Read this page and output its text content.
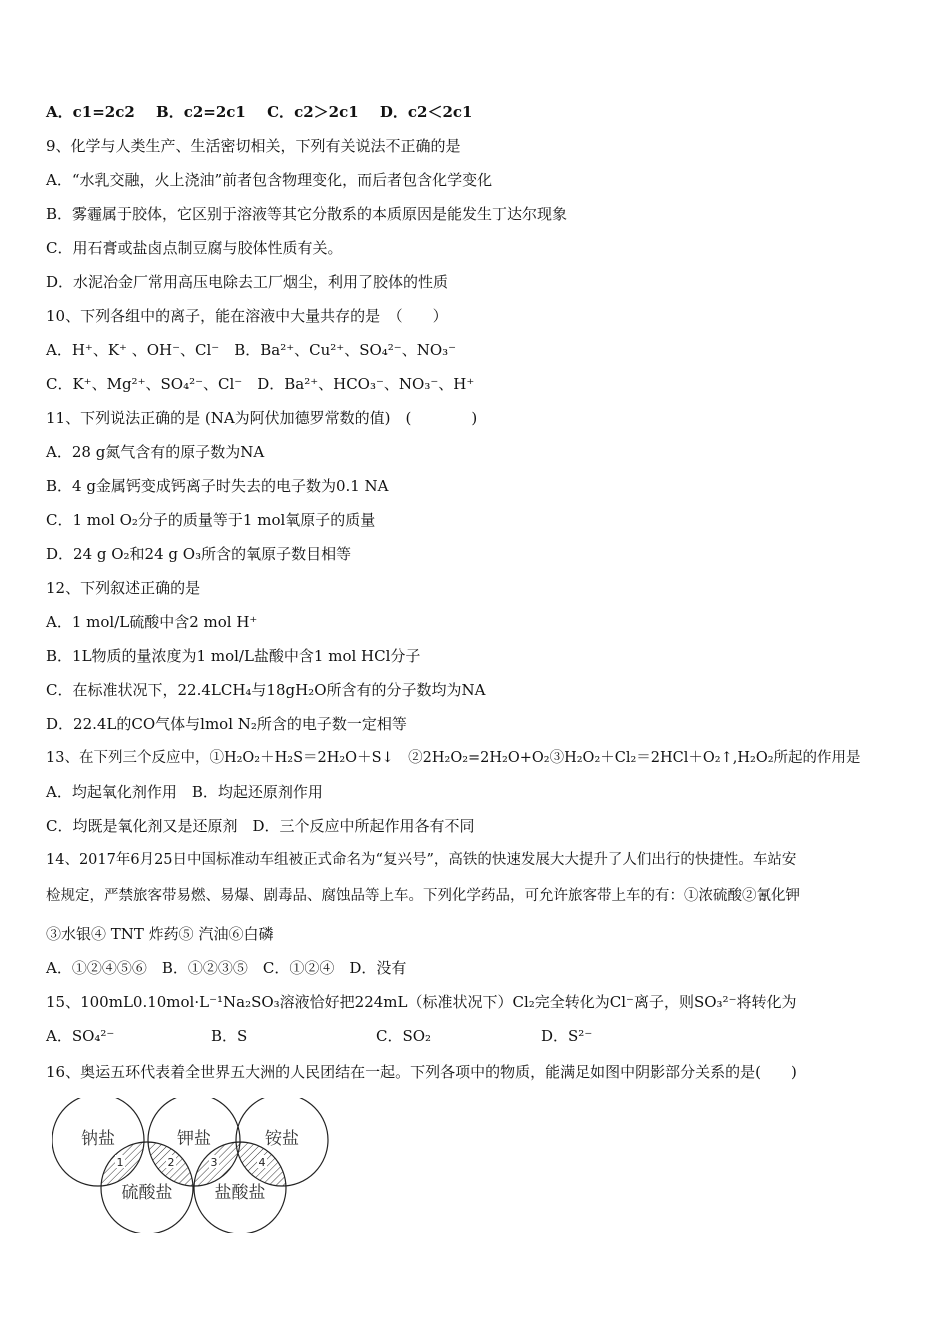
A．c1=2c2 B．c2=2c1 C．c2＞2c1 D．c2＜2c1
9、化学与人类生产、生活密切相关，下列有关说法不正确的是
A．“水乳交融，火上浇油”前者包含物理变化，而后者包含化学变化
B．雾霾属于胶体，它区别于溶液等其它分散系的本质原因是能发生丁达尔现象
C．用石膏或盐卤点制豆腐与胶体性质有关。
D．水泥冶金厂常用高压电除去工厂烟尘，利用了胶体的性质
10、下列各组中的离子，能在溶液中大量共存的是　（　　）
A．H⁺、K⁺ 、OH⁻、Cl⁻　B．Ba²⁺、Cu²⁺、SO₄²⁻、NO₃⁻
C．K⁺、Mg²⁺、SO₄²⁻、Cl⁻　D．Ba²⁺、HCO₃⁻、NO₃⁻、H⁺
11、下列说法正确的是 (NA为阿伏加德罗常数的值)　(　　　　)
A．28 g氮气含有的原子数为NA
B．4 g金属钙变成钙离子时失去的电子数为0.1 NA
C．1 mol O₂分子的质量等于1 mol氧原子的质量
D．24 g O₂和24 g O₃所含的氧原子数目相等
12、下列叙述正确的是
A．1 mol/L硫酸中含2 mol H⁺
B．1L物质的量浓度为1 mol/L盐酸中含1 mol HCl分子
C．在标准状况下，22.4LCH₄与18gH₂O所含有的分子数均为NA
D．22.4L的CO气体与lmol N₂所含的电子数一定相等
13、在下列三个反应中，①H₂O₂＋H₂S＝2H₂O＋S↓　②2H₂O₂=2H₂O+O₂③H₂O₂＋Cl₂＝2HCl＋O₂↑,H₂O₂所起的作用是
A．均起氧化剂作用　B．均起还原剂作用
C．均既是氧化剂又是还原剂　D．三个反应中所起作用各有不同
14、2017年6月25日中国标准动车组被正式命名为“复兴号”，高铁的快速发展大大提升了人们出行的快捷性。车站安
检规定，严禁旅客带易燃、易爆、剧毒品、腐蚀品等上车。下列化学药品，可允许旅客带上车的有：①浓硫酸②氰化钾
③水银④ TNT 炸药⑤ 汽油⑥白磷
A．①②④⑤⑥　B．①②③⑤　C．①②④　D．没有
15、100mL0.10mol·L⁻¹Na₂SO₃溶液恰好把224mL（标准状况下）Cl₂完全转化为Cl⁻离子，则SO₃²⁻将转化为
A．SO₄²⁻	B．S	C．SO₂	D．S²⁻
16、奥运五环代表着全世界五大洲的人民团结在一起。下列各项中的物质，能满足如图中阴影部分关系的是(　　)
钠盐	钾盐	铵盐
硫酸盐 盐酸盐
1	2	3	4
